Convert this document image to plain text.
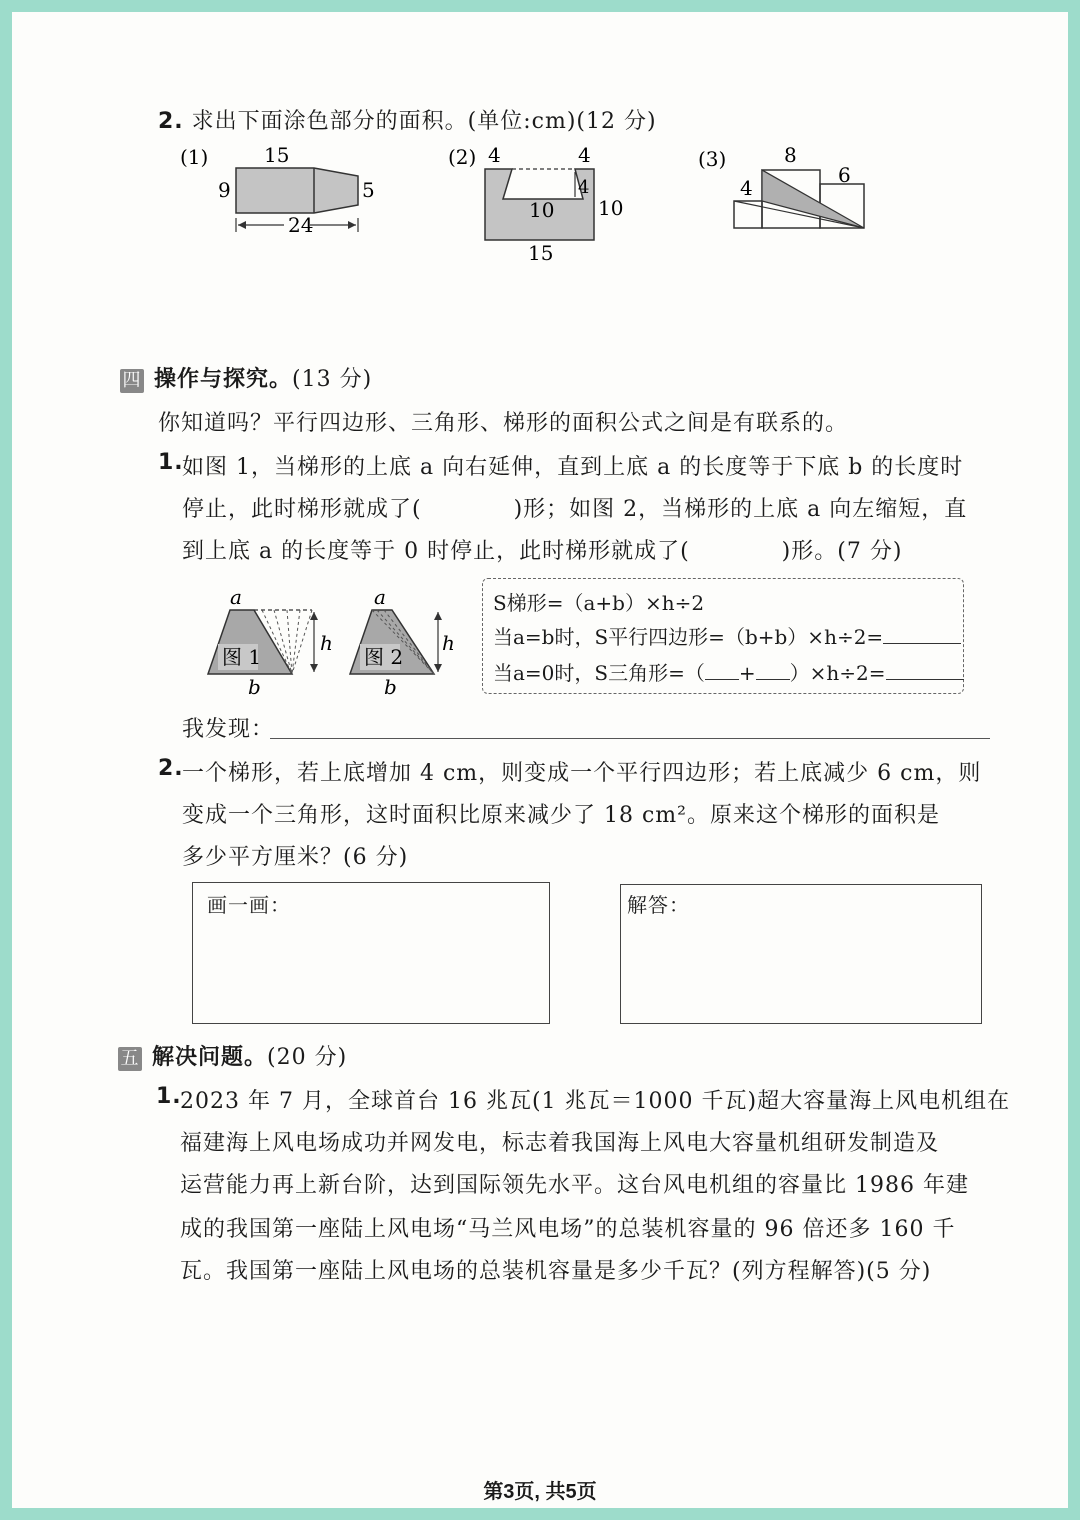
2. 求出下面涂色部分的面积。(单位:cm)(12 分)
(1)	15
9	5
24
(2) 4	4
4
10 10
15
(3)	8
6
4
四 操作与探究。(13 分)
你知道吗？平行四边形、三角形、梯形的面积公式之间是有联系的。
1.
如图 1，当梯形的上底 a 向右延伸，直到上底 a 的长度等于下底 b 的长度时
停止，此时梯形就成了(　　　　)形；如图 2，当梯形的上底 a 向左缩短，直
到上底 a 的长度等于 0 时停止，此时梯形就成了(　　　　)形。(7 分)
a
图 1
h
b
a
图 2
h
b
S梯形=（a+b）×h÷2
当a=b时，S平行四边形=（b+b）×h÷2=
当a=0时，S三角形=（ + ）×h÷2=
我发现：
2.
一个梯形，若上底增加 4 cm，则变成一个平行四边形；若上底减少 6 cm，则
变成一个三角形，这时面积比原来减少了 18 cm²。原来这个梯形的面积是
多少平方厘米？(6 分)
画一画：	解答：
五 解决问题。(20 分)
1.
2023 年 7 月，全球首台 16 兆瓦(1 兆瓦＝1000 千瓦)超大容量海上风电机组在
福建海上风电场成功并网发电，标志着我国海上风电大容量机组研发制造及
运营能力再上新台阶，达到国际领先水平。这台风电机组的容量比 1986 年建
成的我国第一座陆上风电场“马兰风电场”的总装机容量的 96 倍还多 160 千
瓦。我国第一座陆上风电场的总装机容量是多少千瓦？(列方程解答)(5 分)
第3页, 共5页
